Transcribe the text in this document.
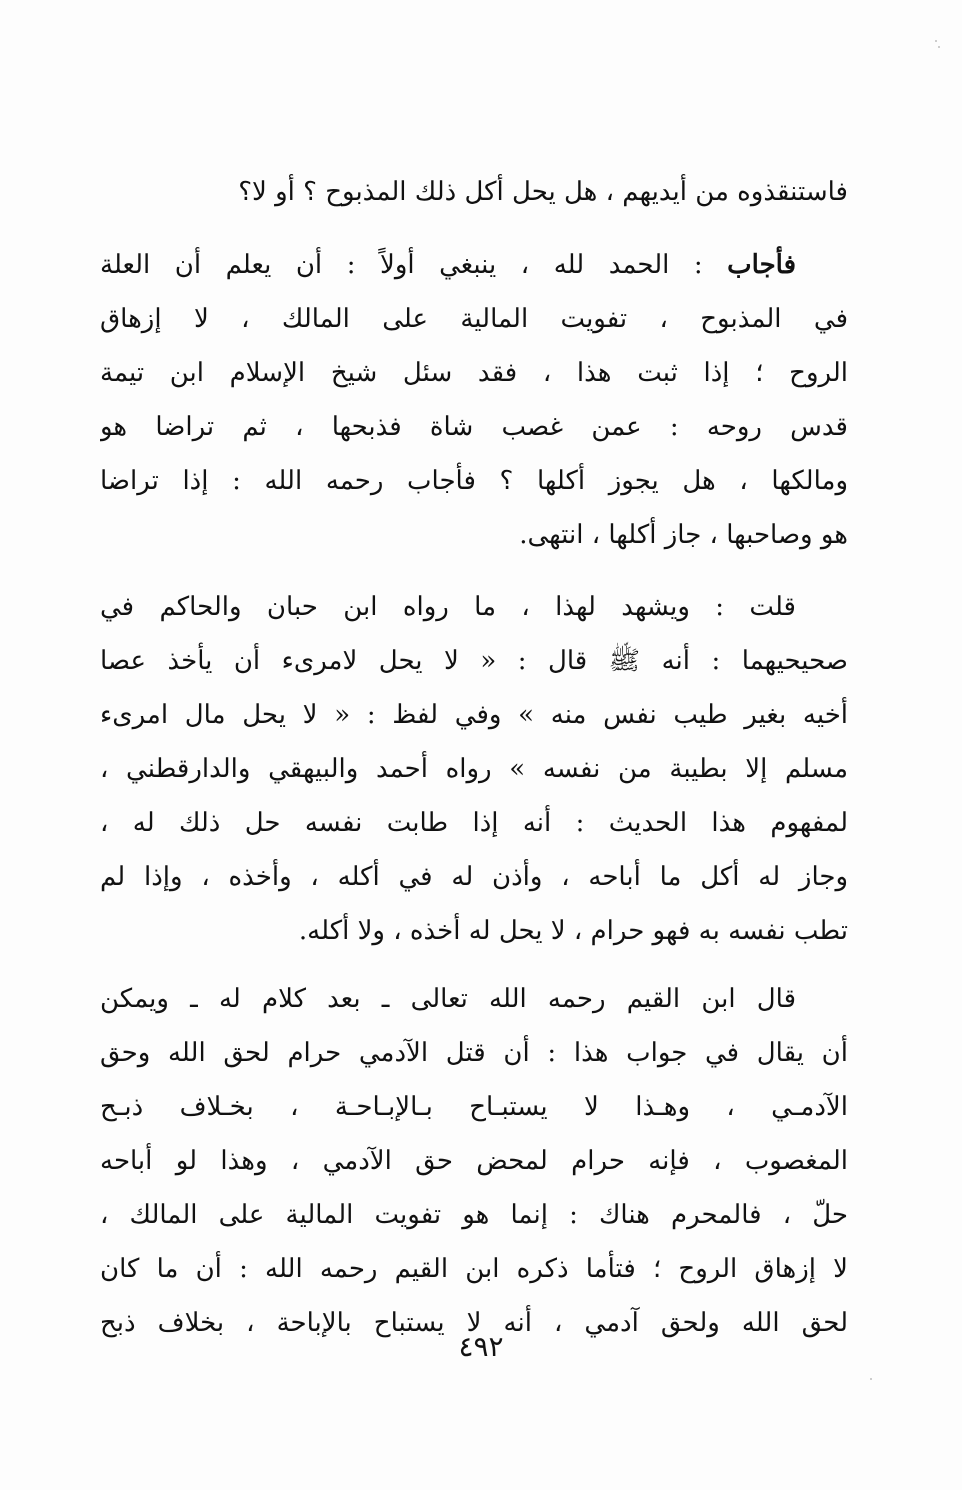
فاستنقذوه من أيديهم ، هل يحل أكل ذلك المذبوح ؟ أو لا؟
فأجاب : الحمد لله ، ينبغي أولاً : أن يعلم أن العلة
في المذبوح ، تفويت المالية على المالك ، لا إزهاق
الروح ؛ إذا ثبت هذا ، فقد سئل شيخ الإسلام ابن تيمة
قدس روحه : عمن غصب شاة فذبحها ، ثم تراضا هو
ومالكها ، هل يجوز أكلها ؟ فأجاب رحمه الله : إذا تراضا
هو وصاحبها ، جاز أكلها ، انتهى.
قلت : ويشهد لهذا ، ما رواه ابن حبان والحاكم في
صحيحيهما : أنه ﷺ قال : « لا يحل لامرىء أن يأخذ عصا
أخيه بغير طيب نفس منه » وفي لفظ : « لا يحل مال امرىء
مسلم إلا بطيبة من نفسه » رواه أحمد والبيهقي والدارقطني ،
لمفهوم هذا الحديث : أنه إذا طابت نفسه حل ذلك له ،
وجاز له أكل ما أباحه ، وأذن له في أكله ، وأخذه ، وإذا لم
تطب نفسه به فهو حرام ، لا يحل له أخذه ، ولا أكله.
قال ابن القيم رحمه الله تعالى ـ بعد كلام له ـ ويمكن
أن يقال في جواب هذا : أن قتل الآدمي حرام لحق الله وحق
الآدمـي ، وهـذا لا يستبـاح بـالإبـاحـة ، بخـلاف ذبـح
المغصوب ، فإنه حرام لمحض حق الآدمي ، وهذا لو أباحه
حلّ ، فالمحرم هناك : إنما هو تفويت المالية على المالك ،
لا إزهاق الروح ؛ فتأما ذكره ابن القيم رحمه الله : أن ما كان
لحق الله ولحق آدمي ، أنه لا يستباح بالإباحة ، بخلاف ذبح
٤٩٢
